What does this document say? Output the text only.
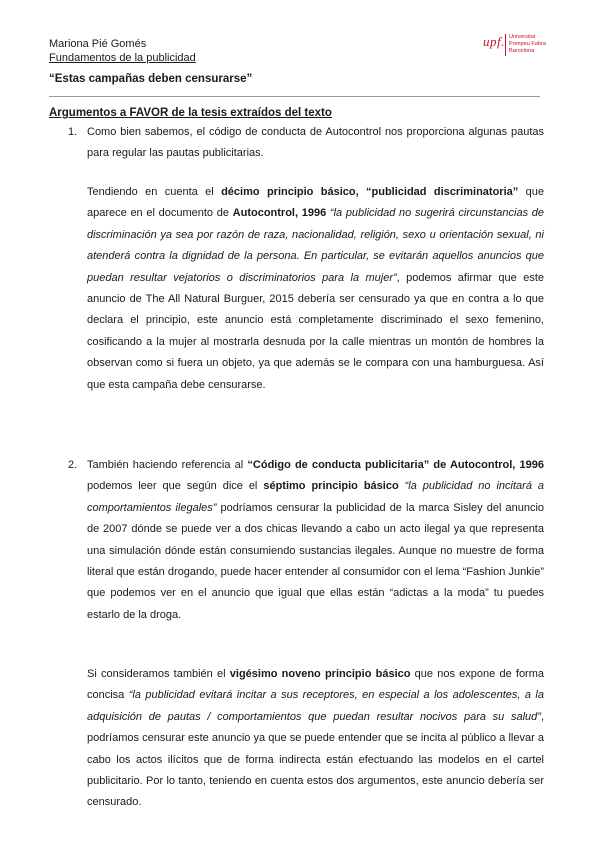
Mariona Pié Gomés
Fundamentos de la publicidad
“Estas campañas deben censurarse”
upf. Universitat
Pompeu Fabra
Barcelona
Argumentos a FAVOR de la tesis extraídos del texto
1. Como bien sabemos, el código de conducta de Autocontrol nos proporciona algunas pautas para regular las pautas publicitarias.
Tendiendo en cuenta el décimo principio básico, “publicidad discriminatoria” que aparece en el documento de Autocontrol, 1996 “la publicidad no sugerirá circunstancias de discriminación ya sea por razón de raza, nacionalidad, religión, sexo u orientación sexual, ni atenderá contra la dignidad de la persona. En particular, se evitarán aquellos anuncios que puedan resultar vejatorios o discriminatorios para la mujer”, podemos afirmar que este anuncio de The All Natural Burguer, 2015 debería ser censurado ya que en contra a lo que declara el principio, este anuncio está completamente discriminado el sexo femenino, cosificando a la mujer al mostrarla desnuda por la calle mientras un montón de hombres la observan como si fuera un objeto, ya que además se le compara con una hamburguesa. Así que esta campaña debe censurarse.
2. También haciendo referencia al “Código de conducta publicitaria” de Autocontrol, 1996 podemos leer que según dice el séptimo principio básico “la publicidad no incitará a comportamientos ilegales” podríamos censurar la publicidad de la marca Sisley del anuncio de 2007 dónde se puede ver a dos chicas llevando a cabo un acto ilegal ya que representa una simulación dónde están consumiendo sustancias ilegales. Aunque no muestre de forma literal que están drogando, puede hacer entender al consumidor con el lema “Fashion Junkie” que podemos ver en el anuncio que igual que ellas están “adictas a la moda” tu puedes estarlo de la droga.
Si consideramos también el vigésimo noveno principio básico que nos expone de forma concisa “la publicidad evitará incitar a sus receptores, en especial a los adolescentes, a la adquisición de pautas / comportamientos que puedan resultar nocivos para su salud”, podríamos censurar este anuncio ya que se puede entender que se incita al público a llevar a cabo los actos ilícitos que de forma indirecta están efectuando las modelos en el cartel publicitario. Por lo tanto, teniendo en cuenta estos dos argumentos, este anuncio debería ser censurado.
